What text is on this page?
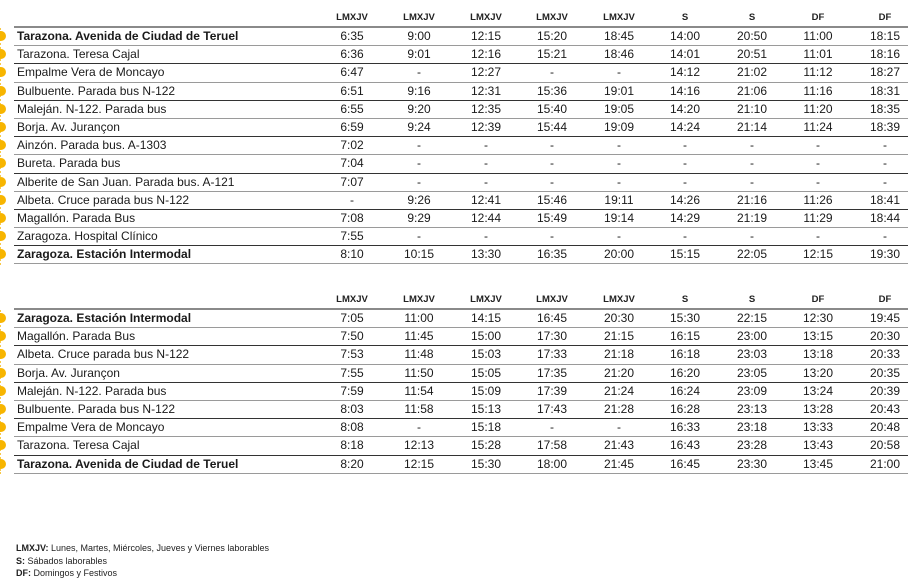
LMXJV	LMXJV	LMXJV	LMXJV	LMXJV	S	S	DF	DF
Tarazona. Avenida de Ciudad de Teruel	6:35	9:00	12:15	15:20	18:45	14:00	20:50	11:00	18:15
Tarazona. Teresa Cajal	6:36	9:01	12:16	15:21	18:46	14:01	20:51	11:01	18:16
Empalme Vera de Moncayo	6:47	-	12:27	-	-	14:12	21:02	11:12	18:27
Bulbuente. Parada bus N-122	6:51	9:16	12:31	15:36	19:01	14:16	21:06	11:16	18:31
Maleján. N-122. Parada bus	6:55	9:20	12:35	15:40	19:05	14:20	21:10	11:20	18:35
Borja. Av. Jurançon	6:59	9:24	12:39	15:44	19:09	14:24	21:14	11:24	18:39
Ainzón. Parada bus. A-1303	7:02	-	-	-	-	-	-	-	-
Bureta. Parada bus	7:04	-	-	-	-	-	-	-	-
Alberite de San Juan. Parada bus. A-121	7:07	-	-	-	-	-	-	-	-
Albeta. Cruce parada bus N-122	-	9:26	12:41	15:46	19:11	14:26	21:16	11:26	18:41
Magallón. Parada Bus	7:08	9:29	12:44	15:49	19:14	14:29	21:19	11:29	18:44
Zaragoza. Hospital Clínico	7:55	-	-	-	-	-	-	-	-
Zaragoza. Estación Intermodal	8:10	10:15	13:30	16:35	20:00	15:15	22:05	12:15	19:30
LMXJV	LMXJV	LMXJV	LMXJV	LMXJV	S	S	DF	DF
Zaragoza. Estación Intermodal	7:05	11:00	14:15	16:45	20:30	15:30	22:15	12:30	19:45
Magallón. Parada Bus	7:50	11:45	15:00	17:30	21:15	16:15	23:00	13:15	20:30
Albeta. Cruce parada bus N-122	7:53	11:48	15:03	17:33	21:18	16:18	23:03	13:18	20:33
Borja. Av. Jurançon	7:55	11:50	15:05	17:35	21:20	16:20	23:05	13:20	20:35
Maleján. N-122. Parada bus	7:59	11:54	15:09	17:39	21:24	16:24	23:09	13:24	20:39
Bulbuente. Parada bus N-122	8:03	11:58	15:13	17:43	21:28	16:28	23:13	13:28	20:43
Empalme Vera de Moncayo	8:08	-	15:18	-	-	16:33	23:18	13:33	20:48
Tarazona. Teresa Cajal	8:18	12:13	15:28	17:58	21:43	16:43	23:28	13:43	20:58
Tarazona. Avenida de Ciudad de Teruel	8:20	12:15	15:30	18:00	21:45	16:45	23:30	13:45	21:00
LMXJV: Lunes, Martes, Miércoles, Jueves y Viernes laborables
S: Sábados laborables
DF: Domingos y Festivos
